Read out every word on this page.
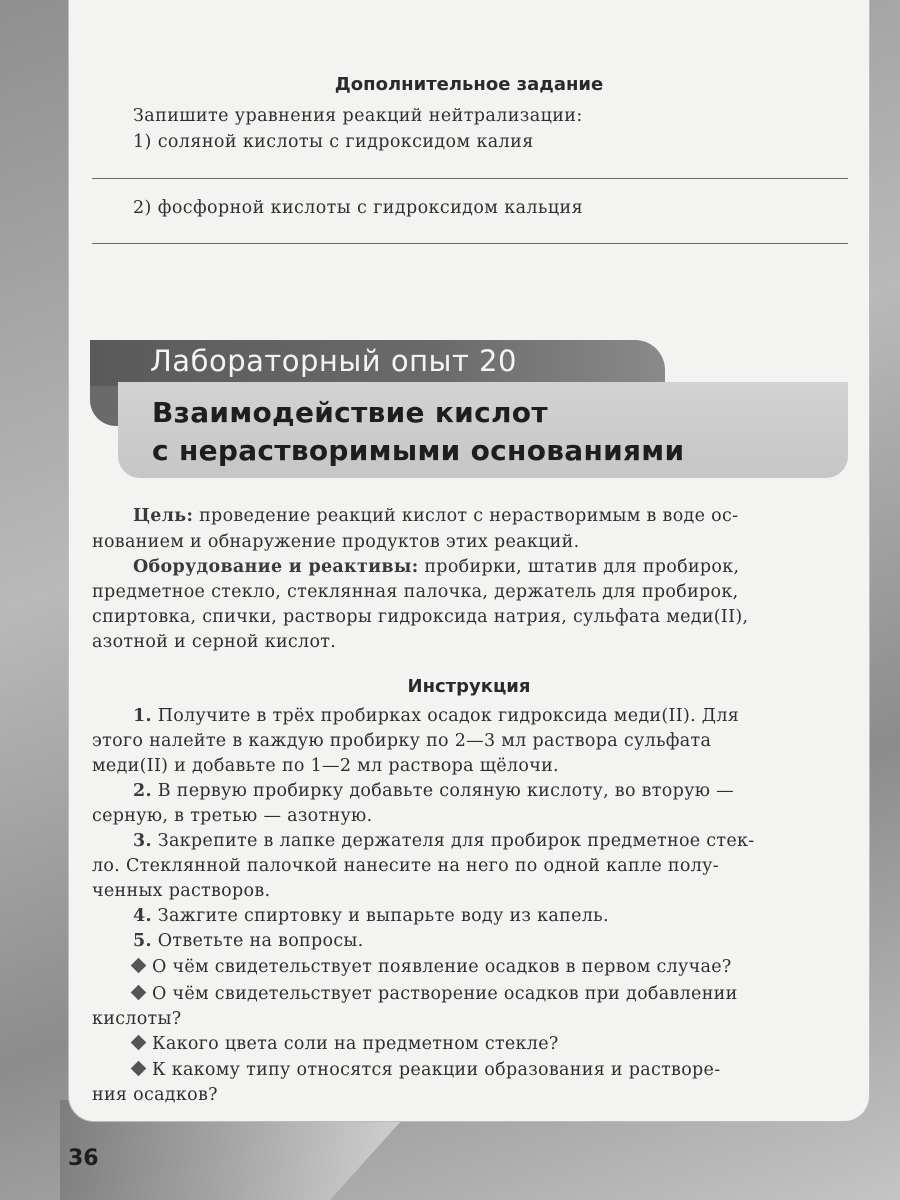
Дополнительное задание
Запишите уравнения реакций нейтрализации:
1) соляной кислоты с гидроксидом калия
2) фосфорной кислоты с гидроксидом кальция
Лабораторный опыт 20
Взаимодействие кислот
с нерастворимыми основаниями
Цель: проведение реакций кислот с нерастворимым в воде ос-
нованием и обнаружение продуктов этих реакций.
Оборудование и реактивы: пробирки, штатив для пробирок,
предметное стекло, стеклянная палочка, держатель для пробирок,
спиртовка, спички, растворы гидроксида натрия, сульфата меди(II),
азотной и серной кислот.
Инструкция
1. Получите в трёх пробирках осадок гидроксида меди(II). Для
этого налейте в каждую пробирку по 2—3 мл раствора сульфата
меди(II) и добавьте по 1—2 мл раствора щёлочи.
2. В первую пробирку добавьте соляную кислоту, во вторую —
серную, в третью — азотную.
3. Закрепите в лапке держателя для пробирок предметное стек-
ло. Стеклянной палочкой нанесите на него по одной капле полу-
ченных растворов.
4. Зажгите спиртовку и выпарьте воду из капель.
5. Ответьте на вопросы.
О чём свидетельствует появление осадков в первом случае?
О чём свидетельствует растворение осадков при добавлении
кислоты?
Какого цвета соли на предметном стекле?
К какому типу относятся реакции образования и растворе-
ния осадков?
36
